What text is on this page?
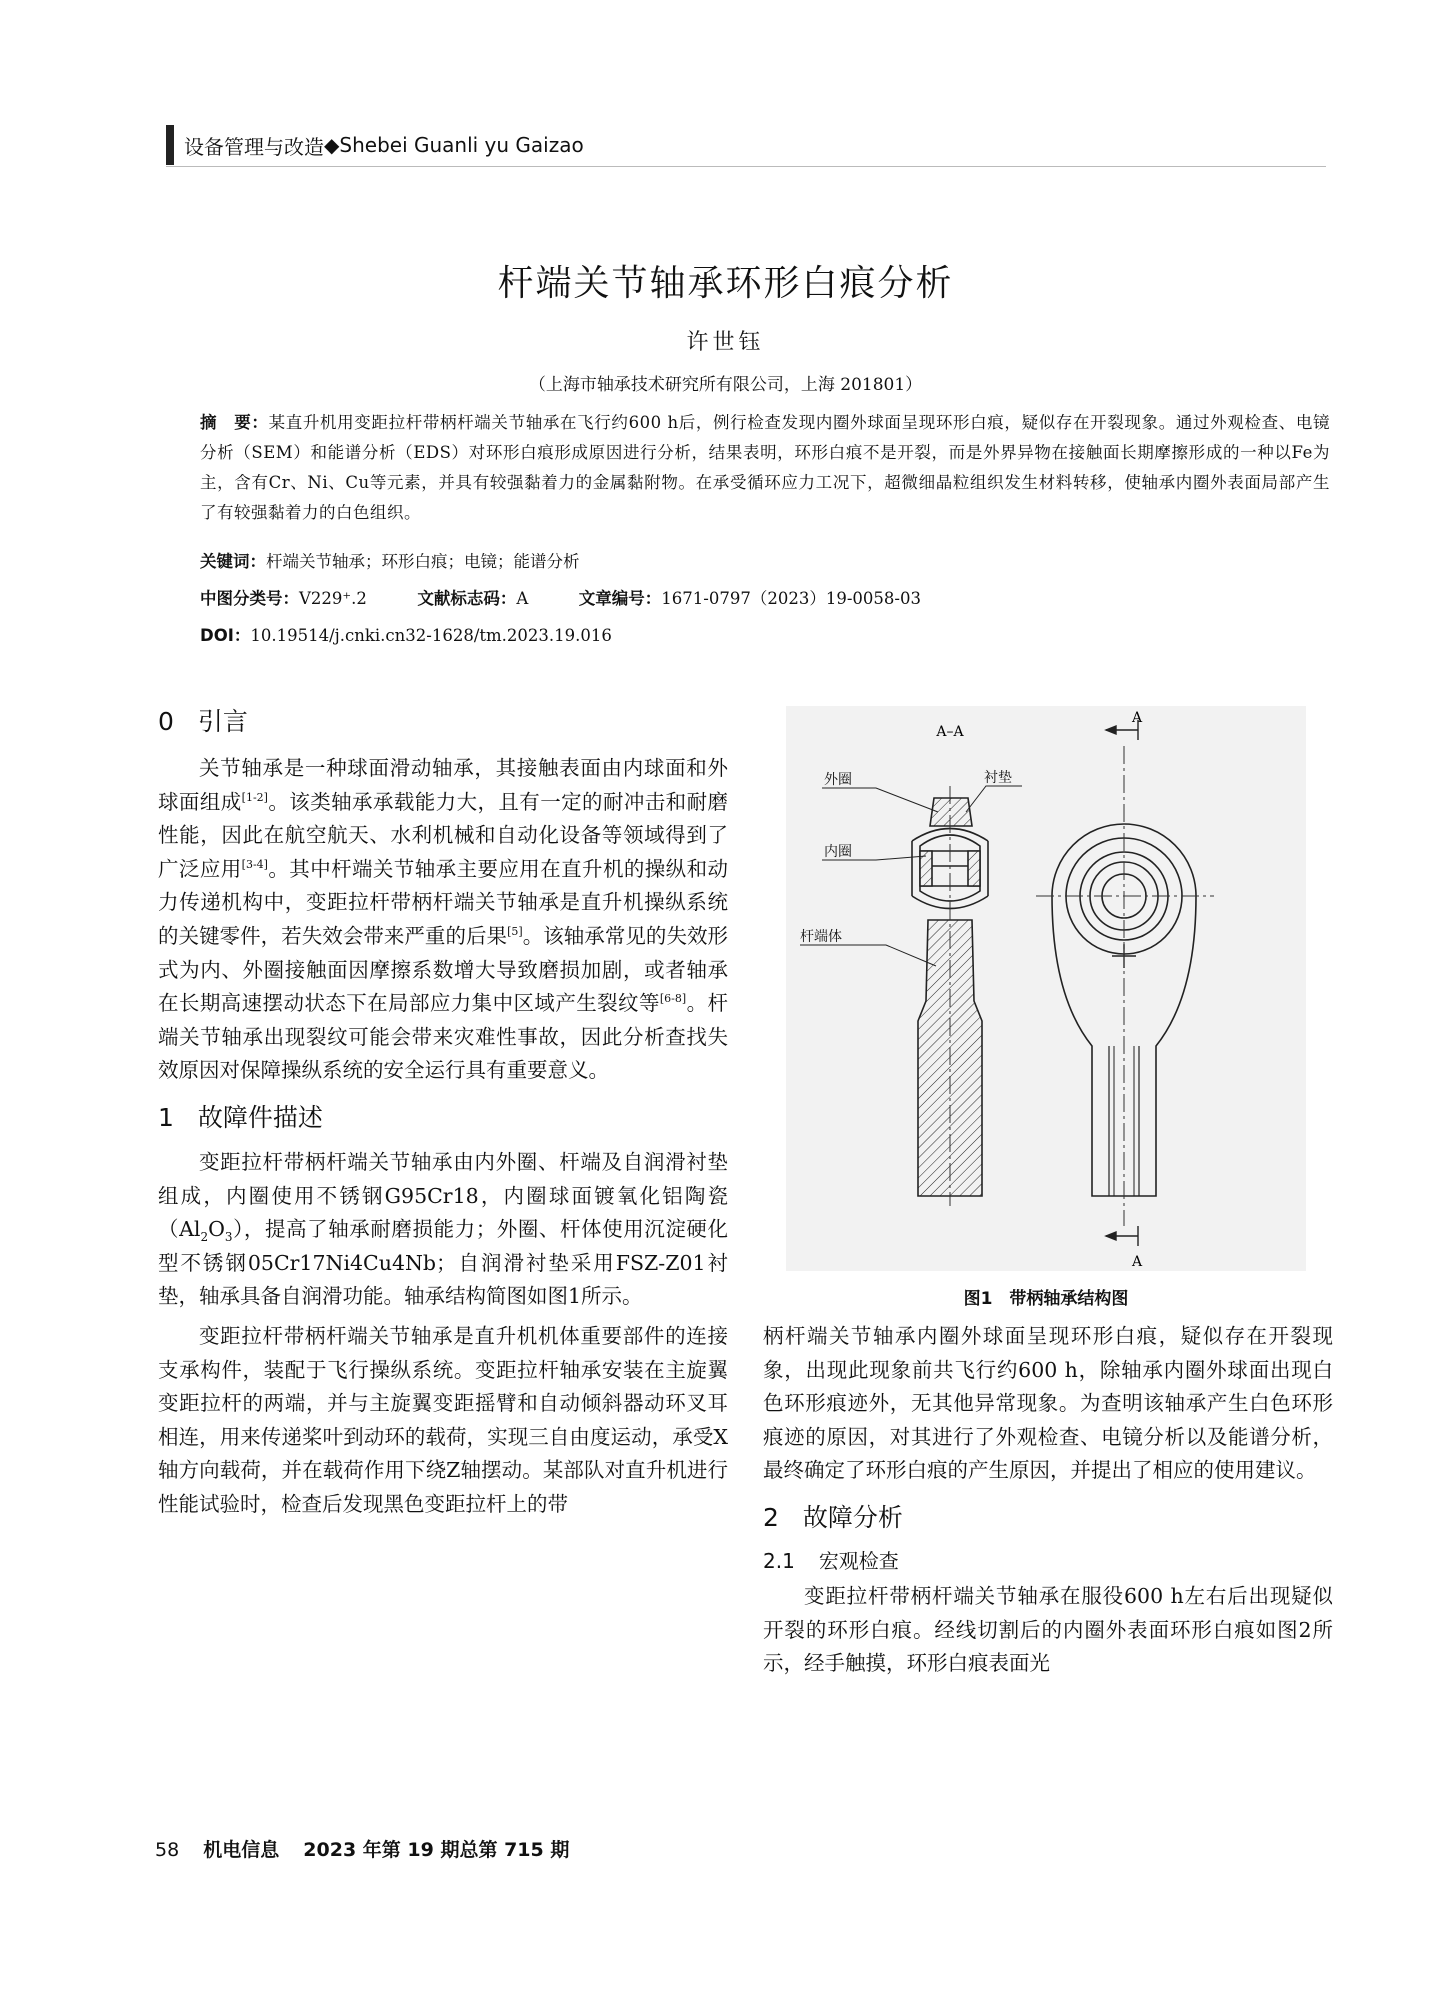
设备管理与改造 ◆ Shebei Guanli yu Gaizao
杆端关节轴承环形白痕分析
许世钰
（上海市轴承技术研究所有限公司，上海 201801）
摘　要：某直升机用变距拉杆带柄杆端关节轴承在飞行约600 h后，例行检查发现内圈外球面呈现环形白痕，疑似存在开裂现象。通过外观检查、电镜分析（SEM）和能谱分析（EDS）对环形白痕形成原因进行分析，结果表明，环形白痕不是开裂，而是外界异物在接触面长期摩擦形成的一种以Fe为主，含有Cr、Ni、Cu等元素，并具有较强黏着力的金属黏附物。在承受循环应力工况下，超微细晶粒组织发生材料转移，使轴承内圈外表面局部产生了有较强黏着力的白色组织。
关键词：杆端关节轴承；环形白痕；电镜；能谱分析
中图分类号：V229⁺.2	文献标志码：A	文章编号：1671-0797（2023）19-0058-03
DOI：10.19514/j.cnki.cn32-1628/tm.2023.19.016
0 引言

关节轴承是一种球面滑动轴承，其接触表面由内球面和外球面组成[1-2]。该类轴承承载能力大，且有一定的耐冲击和耐磨性能，因此在航空航天、水利机械和自动化设备等领域得到了广泛应用[3-4]。其中杆端关节轴承主要应用在直升机的操纵和动力传递机构中，变距拉杆带柄杆端关节轴承是直升机操纵系统的关键零件，若失效会带来严重的后果[5]。该轴承常见的失效形式为内、外圈接触面因摩擦系数增大导致磨损加剧，或者轴承在长期高速摆动状态下在局部应力集中区域产生裂纹等[6-8]。杆端关节轴承出现裂纹可能会带来灾难性事故，因此分析查找失效原因对保障操纵系统的安全运行具有重要意义。

1 故障件描述

变距拉杆带柄杆端关节轴承由内外圈、杆端及自润滑衬垫组成，内圈使用不锈钢G95Cr18，内圈球面镀氧化铝陶瓷$(Al_2O_3)$，提高了轴承耐磨损能力；外圈、杆体使用沉淀硬化型不锈钢05Cr17Ni4Cu4Nb；自润滑衬垫采用FSZ-Z01衬垫，轴承具备自润滑功能。轴承结构简图如图1所示。

变距拉杆带柄杆端关节轴承是直升机机体重要部件的连接支承构件，装配于飞行操纵系统。变距拉杆轴承安装在主旋翼变距拉杆的两端，并与主旋翼变距摇臂和自动倾斜器动环叉耳相连，用来传递桨叶到动环的载荷，实现三自由度运动，承受X轴方向载荷，并在载荷作用下绕Z轴摆动。某部队对直升机进行性能试验时，检查后发现黑色变距拉杆上的带

A–A
外圈	衬垫
内圈
杆端体
A
A
图1　带柄轴承结构图

柄杆端关节轴承内圈外球面呈现环形白痕，疑似存在开裂现象，出现此现象前共飞行约600 h，除轴承内圈外球面出现白色环形痕迹外，无其他异常现象。为查明该轴承产生白色环形痕迹的原因，对其进行了外观检查、电镜分析以及能谱分析，最终确定了环形白痕的产生原因，并提出了相应的使用建议。

2 故障分析
2.1 宏观检查

变距拉杆带柄杆端关节轴承在服役600 h左右后出现疑似开裂的环形白痕。经线切割后的内圈外表面环形白痕如图2所示，经手触摸，环形白痕表面光

58 机电信息 2023 年第 19 期总第 715 期
